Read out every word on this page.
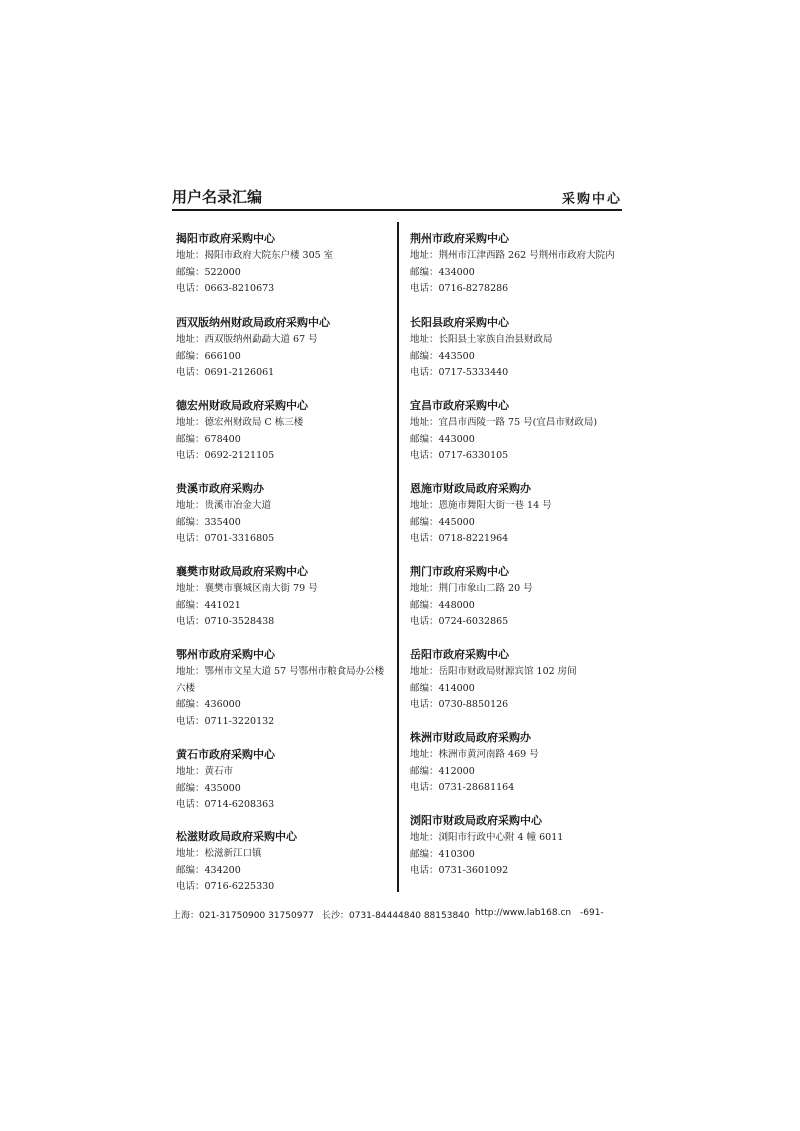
用户名录汇编	采购中心
揭阳市政府采购中心
地址：揭阳市政府大院东户楼 305 室
邮编：522000
电话：0663-8210673
西双版纳州财政局政府采购中心
地址：西双版纳州勐勐大道 67 号
邮编：666100
电话：0691-2126061
德宏州财政局政府采购中心
地址：德宏州财政局 C 栋三楼
邮编：678400
电话：0692-2121105
贵溪市政府采购办
地址：贵溪市冶金大道
邮编：335400
电话：0701-3316805
襄樊市财政局政府采购中心
地址：襄樊市襄城区南大街 79 号
邮编：441021
电话：0710-3528438
鄂州市政府采购中心
地址：鄂州市文星大道 57 号鄂州市粮食局办公楼六楼
邮编：436000
电话：0711-3220132
黄石市政府采购中心
地址：黄石市
邮编：435000
电话：0714-6208363
松滋财政局政府采购中心
地址：松滋新江口镇
邮编：434200
电话：0716-6225330
荆州市政府采购中心
地址：荆州市江津西路 262 号荆州市政府大院内
邮编：434000
电话：0716-8278286
长阳县政府采购中心
地址：长阳县土家族自治县财政局
邮编：443500
电话：0717-5333440
宜昌市政府采购中心
地址：宜昌市西陵一路 75 号(宜昌市财政局)
邮编：443000
电话：0717-6330105
恩施市财政局政府采购办
地址：恩施市舞阳大街一巷 14 号
邮编：445000
电话：0718-8221964
荆门市政府采购中心
地址：荆门市象山二路 20 号
邮编：448000
电话：0724-6032865
岳阳市政府采购中心
地址：岳阳市财政局财源宾馆 102 房间
邮编：414000
电话：0730-8850126
株洲市财政局政府采购办
地址：株洲市黄河南路 469 号
邮编：412000
电话：0731-28681164
浏阳市财政局政府采购中心
地址：浏阳市行政中心附 4 幢 6011
邮编：410300
电话：0731-3601092
上海：021-31750900 31750977 长沙：0731-84444840 88153840 http://www.lab168.cn -691-
